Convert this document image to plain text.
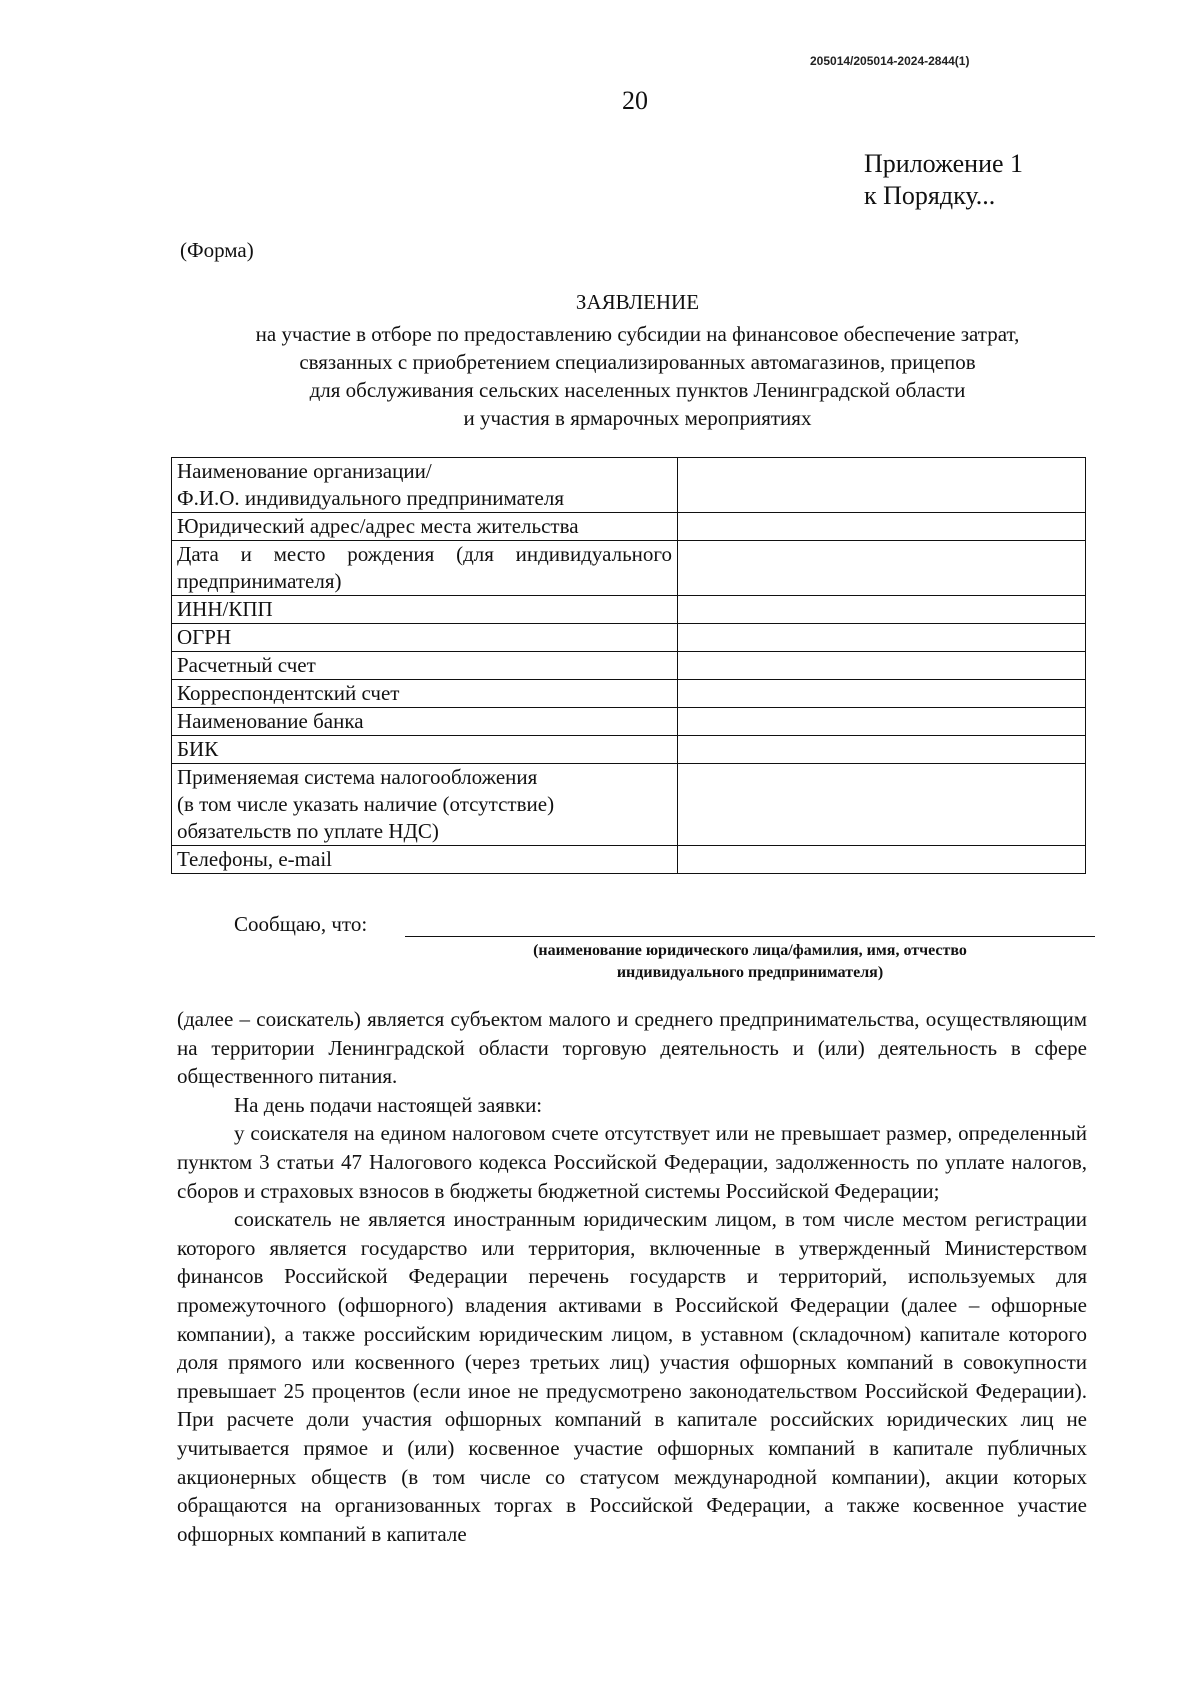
205014/205014-2024-2844(1)
20
Приложение 1
к Порядку...
(Форма)
ЗАЯВЛЕНИЕ
на участие в отборе по предоставлению субсидии на финансовое обеспечение затрат,
связанных с приобретением специализированных автомагазинов, прицепов
для обслуживания сельских населенных пунктов Ленинградской области
и участия в ярмарочных мероприятиях
Наименование организации/
Ф.И.О. индивидуального предпринимателя	

Юридический адрес/адрес места жительства	

Дата и место рождения (для индивидуального
предпринимателя)	

ИНН/КПП	

ОГРН	

Расчетный счет	

Корреспондентский счет	

Наименование банка	

БИК	

Применяемая система налогообложения
(в том числе указать наличие (отсутствие)
обязательств по уплате НДС)	

Телефоны, e-mail	

Сообщаю, что:
(наименование юридического лица/фамилия, имя, отчество
индивидуального предпринимателя)

(далее – соискатель) является субъектом малого и среднего предпринимательства, осуществляющим на территории Ленинградской области торговую деятельность и (или) деятельность в сфере общественного питания.

На день подачи настоящей заявки:

у соискателя на едином налоговом счете отсутствует или не превышает размер, определенный пунктом 3 статьи 47 Налогового кодекса Российской Федерации, задолженность по уплате налогов, сборов и страховых взносов в бюджеты бюджетной системы Российской Федерации;

соискатель не является иностранным юридическим лицом, в том числе местом регистрации которого является государство или территория, включенные в утвержденный Министерством финансов Российской Федерации перечень государств и территорий, используемых для промежуточного (офшорного) владения активами в Российской Федерации (далее – офшорные компании), а также российским юридическим лицом, в уставном (складочном) капитале которого доля прямого или косвенного (через третьих лиц) участия офшорных компаний в совокупности превышает 25 процентов (если иное не предусмотрено законодательством Российской Федерации). При расчете доли участия офшорных компаний в капитале российских юридических лиц не учитывается прямое и (или) косвенное участие офшорных компаний в капитале публичных акционерных обществ (в том числе со статусом международной компании), акции которых обращаются на организованных торгах в Российской Федерации, а также косвенное участие офшорных компаний в капитале
